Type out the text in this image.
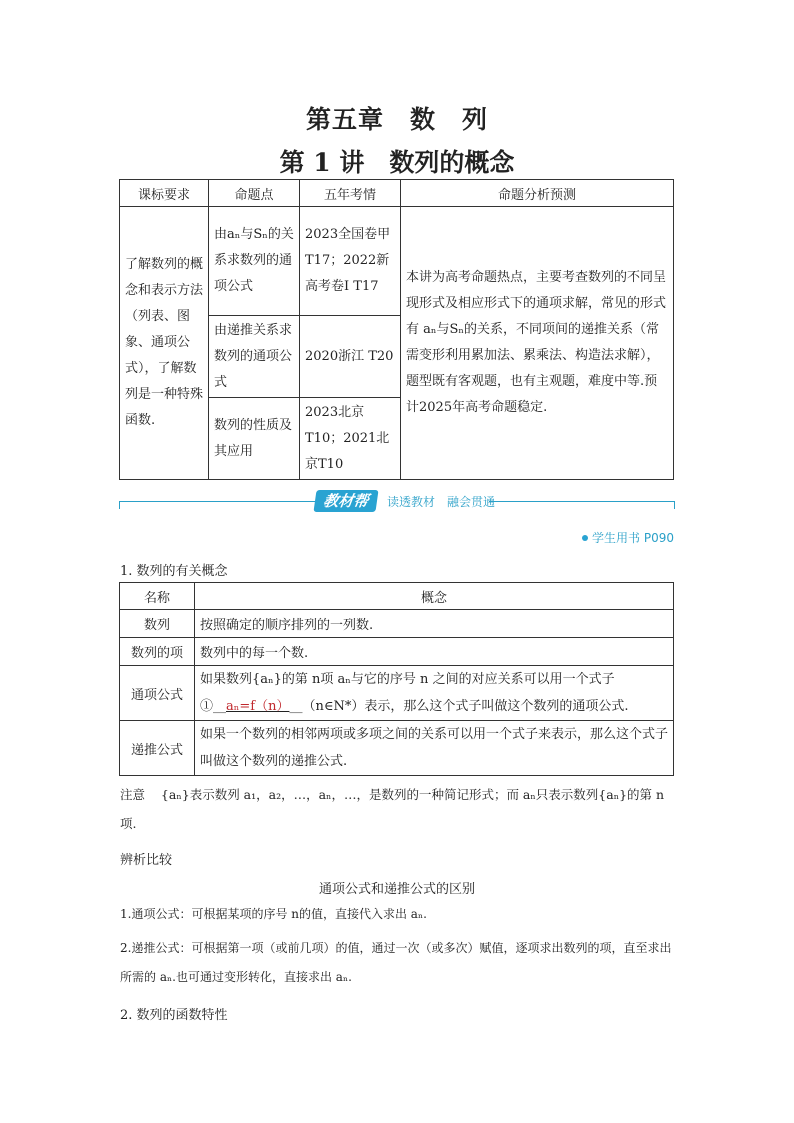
第五章　数　列
第 1 讲　数列的概念
课标要求	命题点	五年考情	命题分析预测
了解数列的概念和表示方法（列表、图象、通项公式），了解数列是一种特殊函数.	由aₙ与Sₙ的关系求数列的通项公式	2023全国卷甲T17；2022新高考卷Ⅰ T17	本讲为高考命题热点，主要考查数列的不同呈现形式及相应形式下的通项求解，常见的形式有 aₙ与Sₙ的关系，不同项间的递推关系（常需变形利用累加法、累乘法、构造法求解），题型既有客观题，也有主观题，难度中等.预计2025年高考命题稳定.
	由递推关系求数列的通项公式	2020浙江 T20	
	数列的性质及其应用	2023北京T10；2021北京T10	
教材帮	读透教材　融会贯通
学生用书 P090
1. 数列的有关概念
名称	概念
数列	按照确定的顺序排列的一列数.
数列的项	数列中的每一个数.
通项公式	如果数列{aₙ}的第 n项 aₙ与它的序号 n 之间的对应关系可以用一个式子①__aₙ=f（n）__（n∈N*）表示，那么这个式子叫做这个数列的通项公式.
递推公式	如果一个数列的相邻两项或多项之间的关系可以用一个式子来表示，那么这个式子叫做这个数列的递推公式.
注意 {aₙ}表示数列 a₁，a₂，…，aₙ，…，是数列的一种简记形式；而 aₙ只表示数列{aₙ}的第 n项.
辨析比较
通项公式和递推公式的区别
1.通项公式：可根据某项的序号 n的值，直接代入求出 aₙ.
2.递推公式：可根据第一项（或前几项）的值，通过一次（或多次）赋值，逐项求出数列的项，直至求出所需的 aₙ.也可通过变形转化，直接求出 aₙ.
2. 数列的函数特性
